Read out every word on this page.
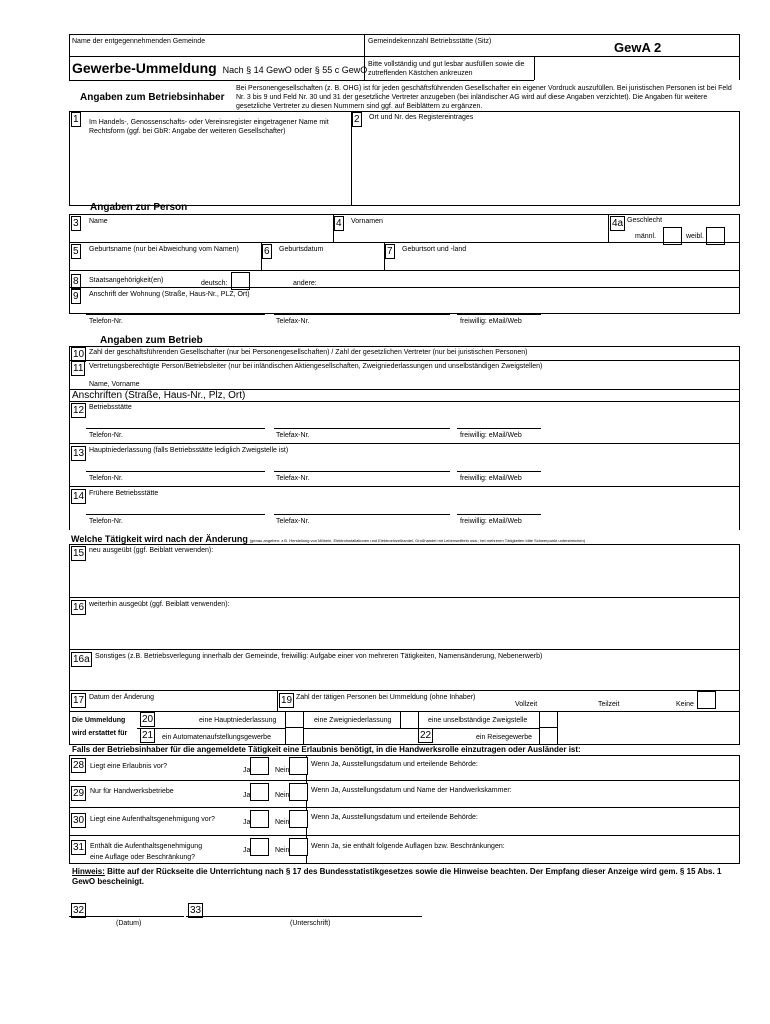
Name der entgegennehmenden Gemeinde	Gemeindekennzahl Betriebsstätte (Sitz)	GewA 2
Gewerbe-Ummeldung Nach § 14 GewO oder § 55 c GewO
Bitte vollständig und gut lesbar ausfüllen sowie die zutreffenden Kästchen ankreuzen
Angaben zum Betriebsinhaber
Bei Personengesellschaften (z. B. OHG) ist für jeden geschäftsführenden Gesellschafter ein eigener Vordruck auszufüllen. Bei juristischen Personen ist bei Feld Nr. 3 bis 9 und Feld Nr. 30 und 31 der gesetzliche Vertreter anzugeben (bei inländischer AG wird auf diese Angaben verzichtet). Die Angaben für weitere gesetzliche Vertreter zu diesen Nummern sind ggf. auf Beiblättern zu ergänzen.
1 Im Handels-, Genossenschafts- oder Vereinsregister eingetragener Name mit Rechtsform (ggf. bei GbR: Angabe der weiteren Gesellschafter)
2 Ort und Nr. des Registereintrages
Angaben zur Person
3 Name	4 Vornamen	4a Geschlecht
männl.	weibl.
5 Geburtsname (nur bei Abweichung vom Namen)	6 Geburtsdatum	7 Geburtsort und -land
8 Staatsangehörigkeit(en)	deutsch:	andere:
9 Anschrift der Wohnung (Straße, Haus-Nr., PLZ, Ort)
Telefon-Nr.	Telefax-Nr.	freiwillig: eMail/Web
Angaben zum Betrieb
10 Zahl der geschäftsführenden Gesellschafter (nur bei Personengesellschaften) / Zahl der gesetzlichen Vertreter (nur bei juristischen Personen)
11 Vertretungsberechtigte Person/Betriebsleiter (nur bei inländischen Aktiengesellschaften, Zweigniederlassungen und unselbständigen Zweigstellen)
Name, Vorname
Anschriften (Straße, Haus-Nr., Plz, Ort)
12 Betriebsstätte
Telefon-Nr.	Telefax-Nr.	freiwillig: eMail/Web
13 Hauptniederlassung (falls Betriebsstätte lediglich Zweigstelle ist)
Telefon-Nr.	Telefax-Nr.	freiwillig: eMail/Web
14 Frühere Betriebsstätte
Telefon-Nr.	Telefax-Nr.	freiwillig: eMail/Web
Welche Tätigkeit wird nach der Änderung (genau angeben: z.B. Herstellung von Möbeln, Elektroinstallationen und Elektroeinzelhandel, Großhandel mit Lebensmitteln usw.; bei mehreren Tätigkeiten bitte Schwerpunkt unterstreichen)
15 neu ausgeübt (ggf. Beiblatt verwenden):
16 weiterhin ausgeübt (ggf. Beiblatt verwenden):
16a Sonstiges (z.B. Betriebsverlegung innerhalb der Gemeinde, freiwillig: Aufgabe einer von mehreren Tätigkeiten, Namensänderung, Nebenerwerb)
17 Datum der Änderung	19 Zahl der tätigen Personen bei Ummeldung (ohne Inhaber)
Vollzeit	Teilzeit	Keine
Die Ummeldung
wird erstattet für
20	eine Hauptniederlassung	eine Zweigniederlassung	eine unselbständige Zweigstelle
21 ein Automatenaufstellungsgewerbe	22	ein Reisegewerbe
Falls der Betriebsinhaber für die angemeldete Tätigkeit eine Erlaubnis benötigt, in die Handwerksrolle einzutragen oder Ausländer ist:
28 Liegt eine Erlaubnis vor?
Ja	Nein
Wenn Ja, Ausstellungsdatum und erteilende Behörde:
29 Nur für Handwerksbetriebe
Ja	Nein
Wenn Ja, Ausstellungsdatum und Name der Handwerkskammer:
30 Liegt eine Aufenthaltsgenehmigung vor?	Ja	Nein
Wenn Ja, Ausstellungsdatum und erteilende Behörde:
31 Enthält die Aufenthaltsgenehmigung
eine Auflage oder Beschränkung?
Ja	Nein
Wenn Ja, sie enthält folgende Auflagen bzw. Beschränkungen:
Hinweis: Bitte auf der Rückseite die Unterrichtung nach § 17 des Bundesstatistikgesetzes sowie die Hinweise beachten. Der Empfang dieser Anzeige wird gem. § 15 Abs. 1 GewO bescheinigt.
32
(Datum)
33
(Unterschrift)
